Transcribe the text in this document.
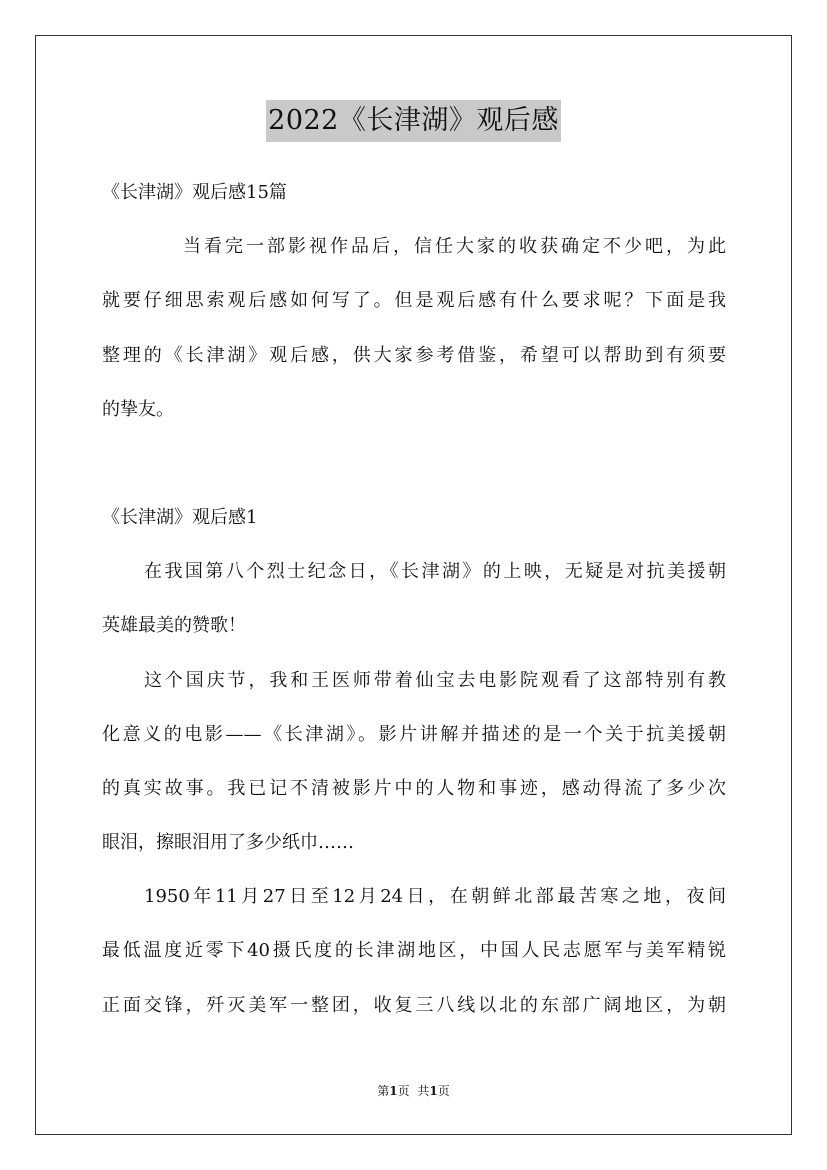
2022《长津湖》观后感
《长津湖》观后感15篇
当看完一部影视作品后，信任大家的收获确定不少吧，为此
就要仔细思索观后感如何写了。但是观后感有什么要求呢？下面是我
整理的《长津湖》观后感，供大家参考借鉴，希望可以帮助到有须要
的挚友。
《长津湖》观后感1
在我国第八个烈士纪念日，《长津湖》的上映，无疑是对抗美援朝
英雄最美的赞歌！
这个国庆节，我和王医师带着仙宝去电影院观看了这部特别有教
化意义的电影——《长津湖》。影片讲解并描述的是一个关于抗美援朝
的真实故事。我已记不清被影片中的人物和事迹，感动得流了多少次
眼泪，擦眼泪用了多少纸巾……
1950年11月27日至12月24日，在朝鲜北部最苦寒之地，夜间
最低温度近零下40摄氏度的长津湖地区，中国人民志愿军与美军精锐
正面交锋，歼灭美军一整团，收复三八线以北的东部广阔地区，为朝
第1页 共1页
